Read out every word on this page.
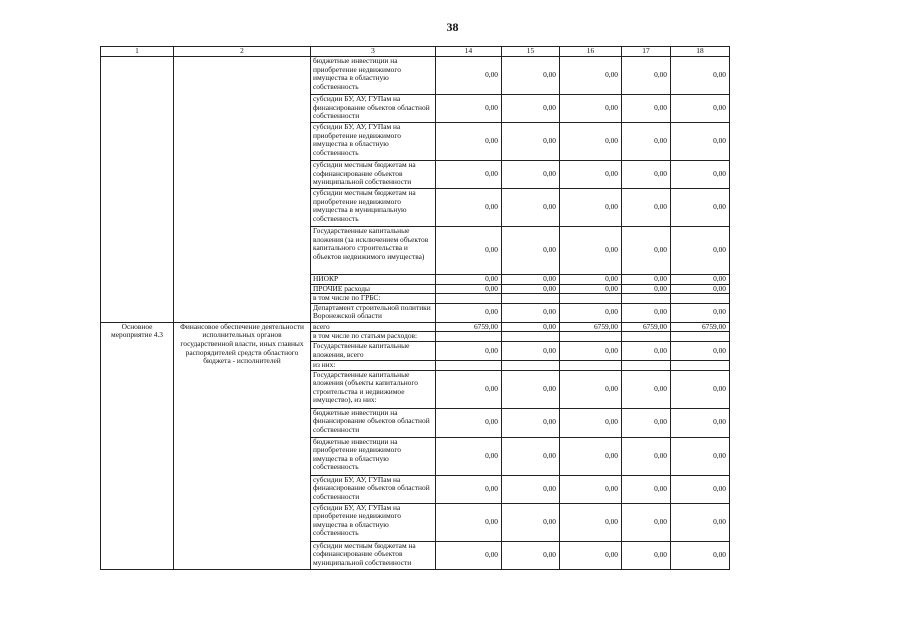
38
1	2	3	14	15	16	17	18
		бюджетные инвестиции на приобретение недвижимого имущества в областную собственность	0,00	0,00	0,00	0,00	0,00
		субсидии БУ, АУ, ГУПам на финансирование объектов областной собственности	0,00	0,00	0,00	0,00	0,00
		субсидии БУ, АУ, ГУПам на приобретение недвижимого имущества в областную собственность	0,00	0,00	0,00	0,00	0,00
		субсидии местным бюджетам на софинансирование объектов муниципальной собственности	0,00	0,00	0,00	0,00	0,00
		субсидии местным бюджетам на приобретение недвижимого имущества в муниципальную собственность	0,00	0,00	0,00	0,00	0,00
		Государственные капитальные вложения (за исключением объектов капитального строительства и объектов недвижимого имущества)	0,00	0,00	0,00	0,00	0,00
		НИОКР	0,00	0,00	0,00	0,00	0,00
		ПРОЧИЕ расходы	0,00	0,00	0,00	0,00	0,00
		в том числе по ГРБС:					
		Департамент строительной политики Воронежской области	0,00	0,00	0,00	0,00	0,00
Основное мероприятие 4.3	Финансовое обеспечение деятельности исполнительных органов государственной власти, иных главных распорядителей средств областного бюджета - исполнителей	всего	6759,00	0,00	6759,00	6759,00	6759,00
		в том числе по статьям расходов:					
		Государственные капитальные вложения, всего	0,00	0,00	0,00	0,00	0,00
		из них:					
		Государственные капитальные вложения (объекты капитального строительства и недвижимое имущество), из них:	0,00	0,00	0,00	0,00	0,00
		бюджетные инвестиции на финансирование объектов областной собственности	0,00	0,00	0,00	0,00	0,00
		бюджетные инвестиции на приобретение недвижимого имущества в областную собственность	0,00	0,00	0,00	0,00	0,00
		субсидии БУ, АУ, ГУПам на финансирование объектов областной собственности	0,00	0,00	0,00	0,00	0,00
		субсидии БУ, АУ, ГУПам на приобретение недвижимого имущества в областную собственность	0,00	0,00	0,00	0,00	0,00
		субсидии местным бюджетам на софинансирование объектов муниципальной собственности	0,00	0,00	0,00	0,00	0,00
